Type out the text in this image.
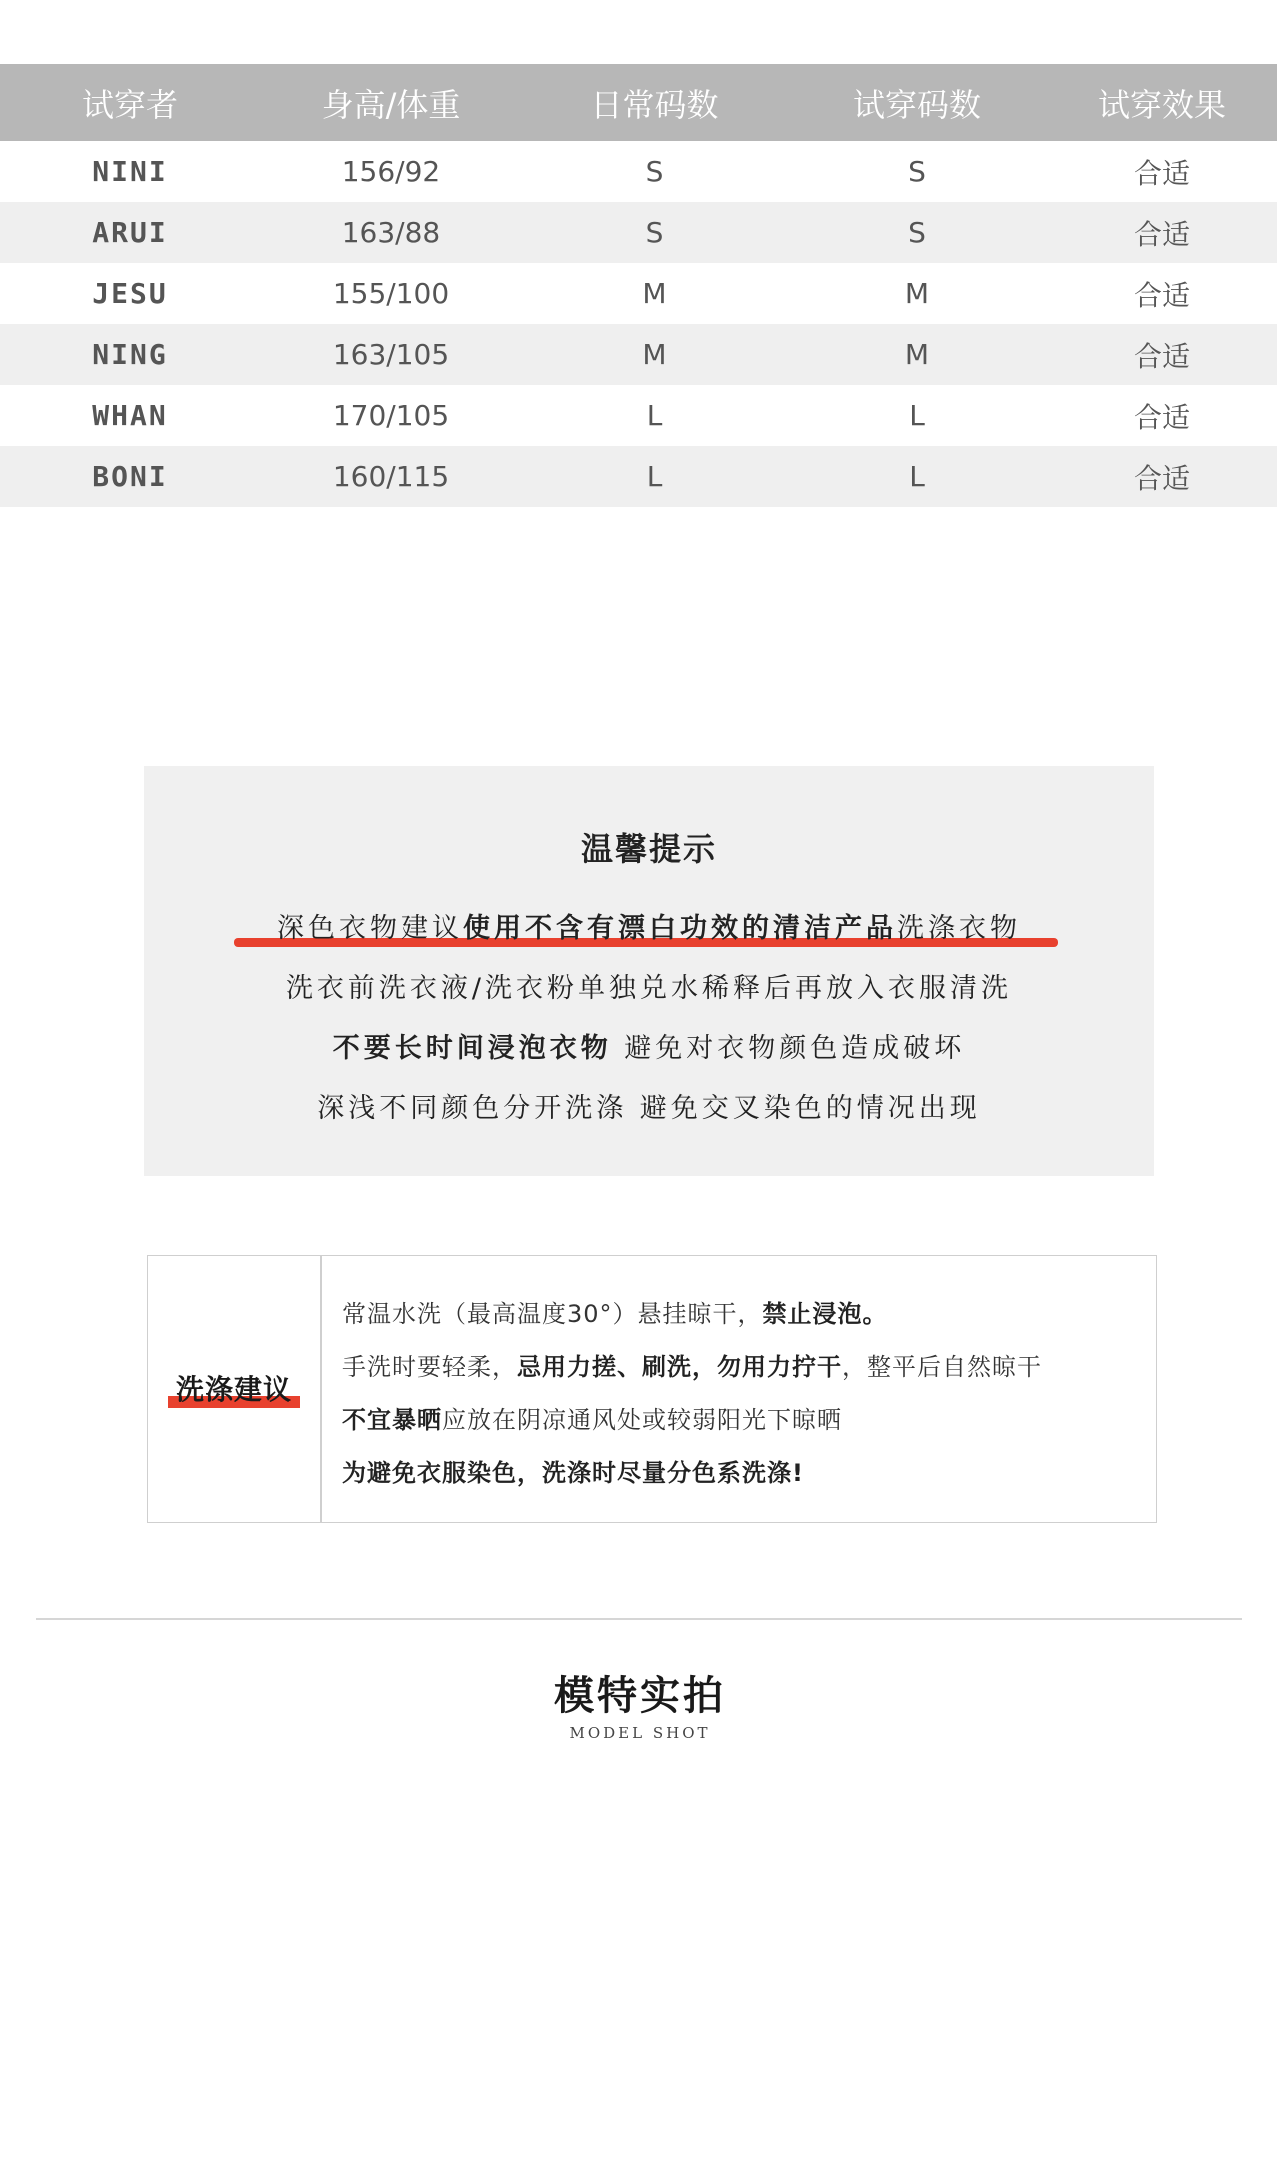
试穿者	身高/体重	日常码数	试穿码数	试穿效果
NINI	156/92	S	S	合适
ARUI	163/88	S	S	合适
JESU	155/100	M	M	合适
NING	163/105	M	M	合适
WHAN	170/105	L	L	合适
BONI	160/115	L	L	合适
温馨提示
深色衣物建议使用不含有漂白功效的清洁产品洗涤衣物
洗衣前洗衣液/洗衣粉单独兑水稀释后再放入衣服清洗
不要长时间浸泡衣物 避免对衣物颜色造成破坏
深浅不同颜色分开洗涤 避免交叉染色的情况出现
洗涤建议
常温水洗（最高温度30°）悬挂晾干，禁止浸泡。
手洗时要轻柔，忌用力搓、刷洗，勿用力拧干，整平后自然晾干
不宜暴晒应放在阴凉通风处或较弱阳光下晾晒
为避免衣服染色，洗涤时尽量分色系洗涤!
模特实拍
MODEL SHOT
